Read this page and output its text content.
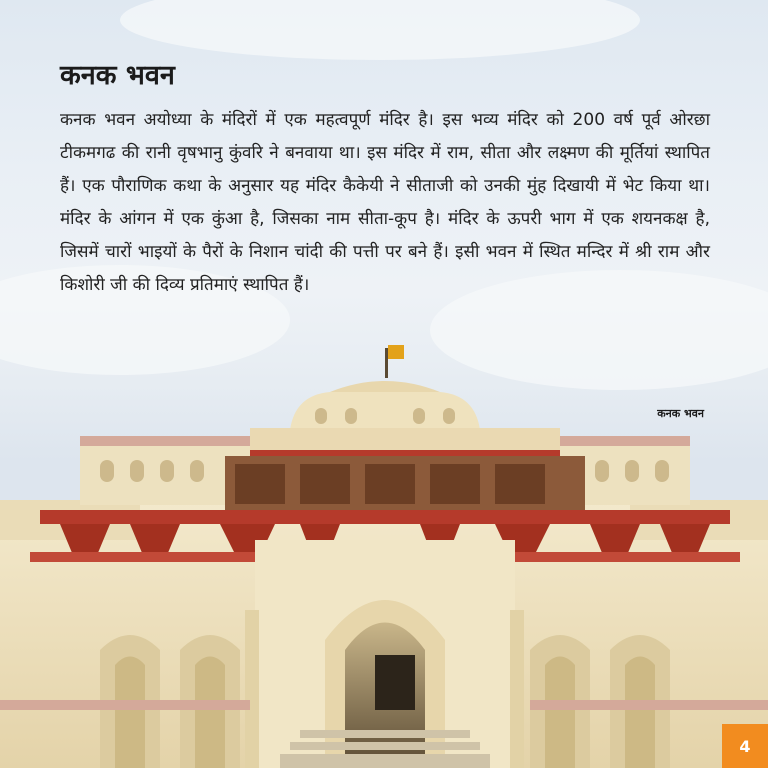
कनक भवन

कनक भवन अयोध्या के मंदिरों में एक महत्वपूर्ण मंदिर है। इस भव्य मंदिर को 200 वर्ष पूर्व ओरछा टीकमगढ की रानी वृषभानु कुंवरि ने बनवाया था। इस मंदिर में राम, सीता और लक्ष्मण की मूर्तियां स्थापित हैं। एक पौराणिक कथा के अनुसार यह मंदिर कैकेयी ने सीताजी को उनकी मुंह दिखायी में भेट किया था। मंदिर के आंगन में एक कुंआ है, जिसका नाम सीता-कूप है। मंदिर के ऊपरी भाग में एक शयनकक्ष है, जिसमें चारों भाइयों के पैरों के निशान चांदी की पत्ती पर बने हैं। इसी भवन में स्थित मन्दिर में श्री राम और किशोरी जी की दिव्य प्रतिमाएं स्थापित हैं।

कनक भवन
4
